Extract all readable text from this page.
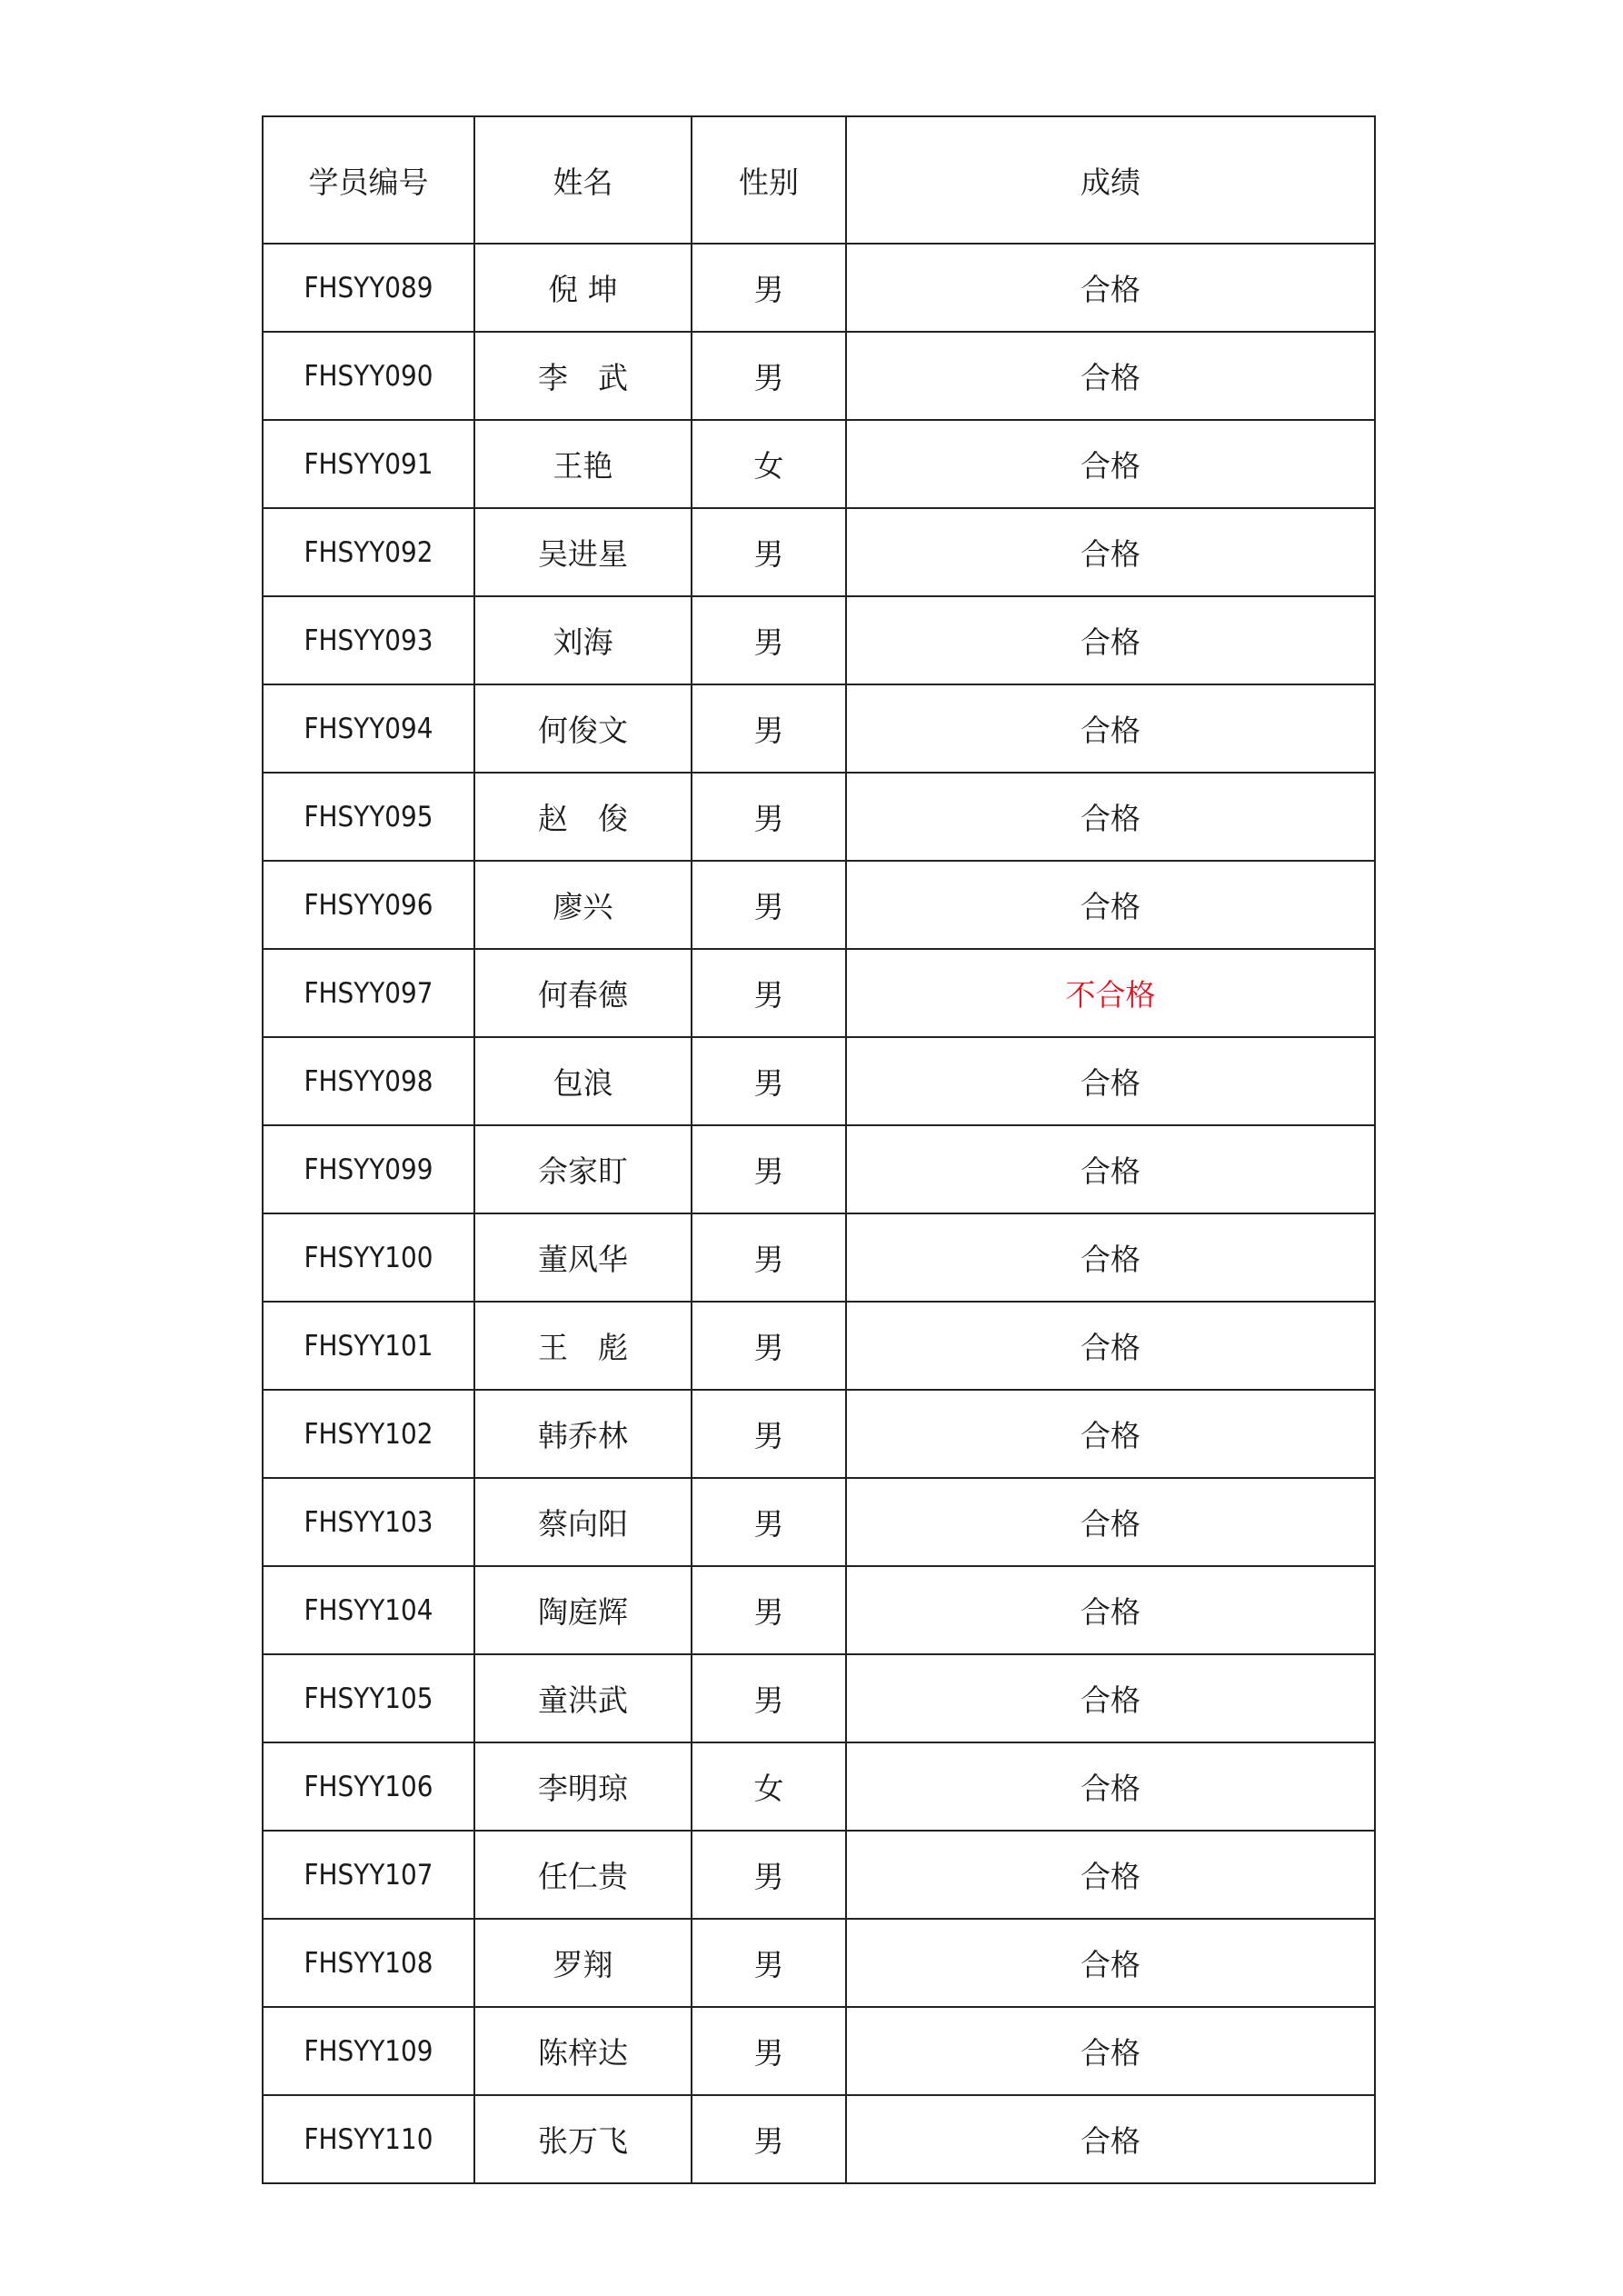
学员编号	姓名	性别	成绩
FHSYY089	倪 坤	男	合格
FHSYY090	李　武	男	合格
FHSYY091	王艳	女	合格
FHSYY092	吴进星	男	合格
FHSYY093	刘海	男	合格
FHSYY094	何俊文	男	合格
FHSYY095	赵　俊	男	合格
FHSYY096	廖兴	男	合格
FHSYY097	何春德	男	不合格
FHSYY098	包浪	男	合格
FHSYY099	佘家盯	男	合格
FHSYY100	董风华	男	合格
FHSYY101	王　彪	男	合格
FHSYY102	韩乔林	男	合格
FHSYY103	蔡向阳	男	合格
FHSYY104	陶庭辉	男	合格
FHSYY105	童洪武	男	合格
FHSYY106	李明琼	女	合格
FHSYY107	任仁贵	男	合格
FHSYY108	罗翔	男	合格
FHSYY109	陈梓达	男	合格
FHSYY110	张万飞	男	合格
